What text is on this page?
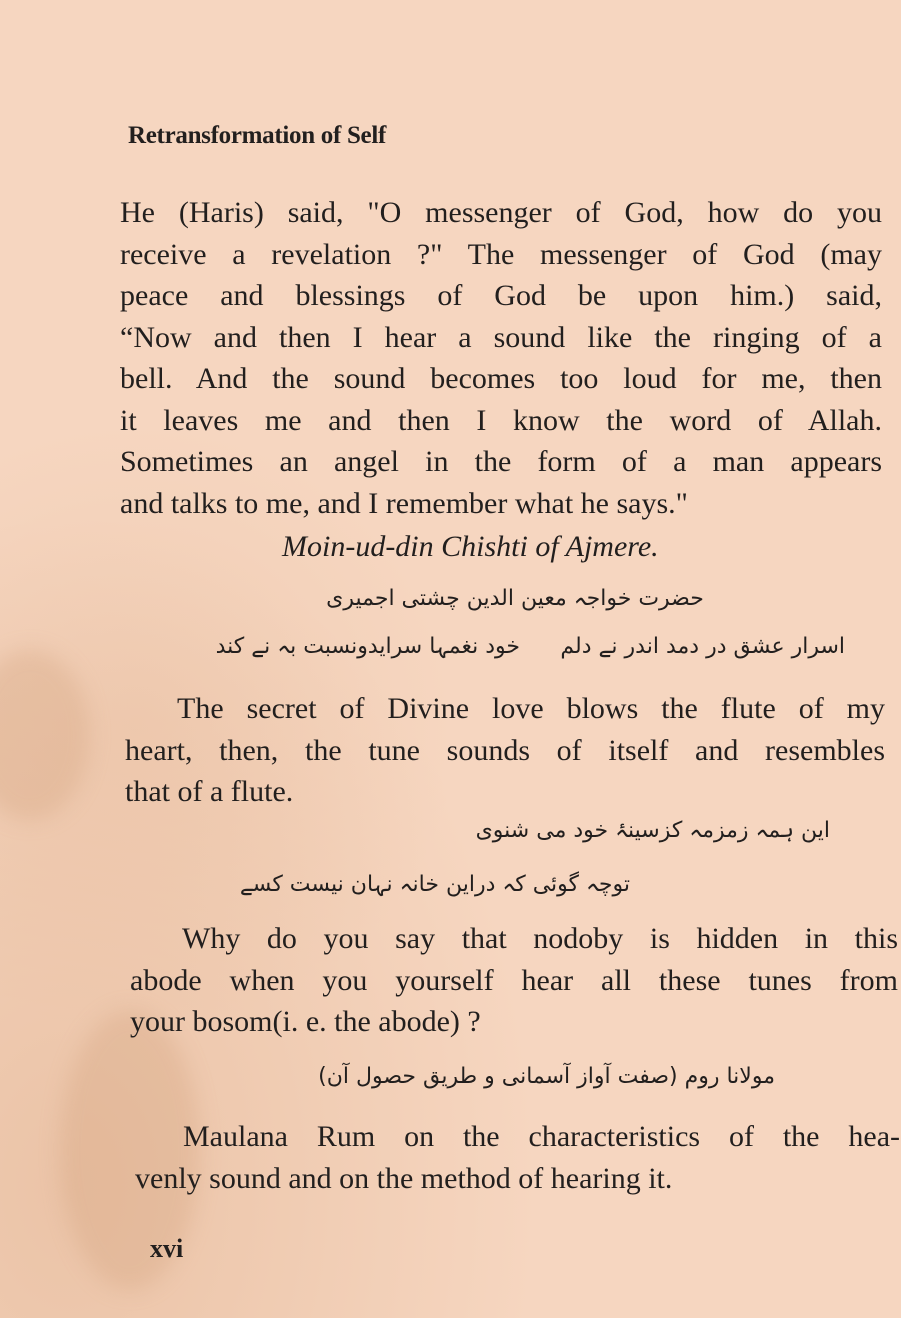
Retransformation of Self
He (Haris) said, "O messenger of God, how do you
receive a revelation ?" The messenger of God (may
peace and blessings of God be upon him.) said,
“Now and then I hear a sound like the ringing of a
bell. And the sound becomes too loud for me, then
it leaves me and then I know the word of Allah.
Sometimes an angel in the form of a man appears
and talks to me, and I remember what he says."
Moin-ud-din Chishti of Ajmere.
حضرت خواجہ معین الدین چشتی اجمیری
اسرار عشق در دمد اندر نے دلم
خود نغمہا سرایدونسبت بہ نے کند
The secret of Divine love blows the flute of my
heart, then, the tune sounds of itself and resembles
that of a flute.
این ہمہ زمزمہ کزسینۂ خود می شنوی
توچہ گوئی کہ دراین خانہ نہان نیست کسے
Why do you say that nodoby is hidden in this
abode when you yourself hear all these tunes from
your bosom(i. e. the abode) ?
مولانا روم (صفت آواز آسمانی و طریق حصول آن)
Maulana Rum on the characteristics of the hea-
venly sound and on the method of hearing it.
xvi
